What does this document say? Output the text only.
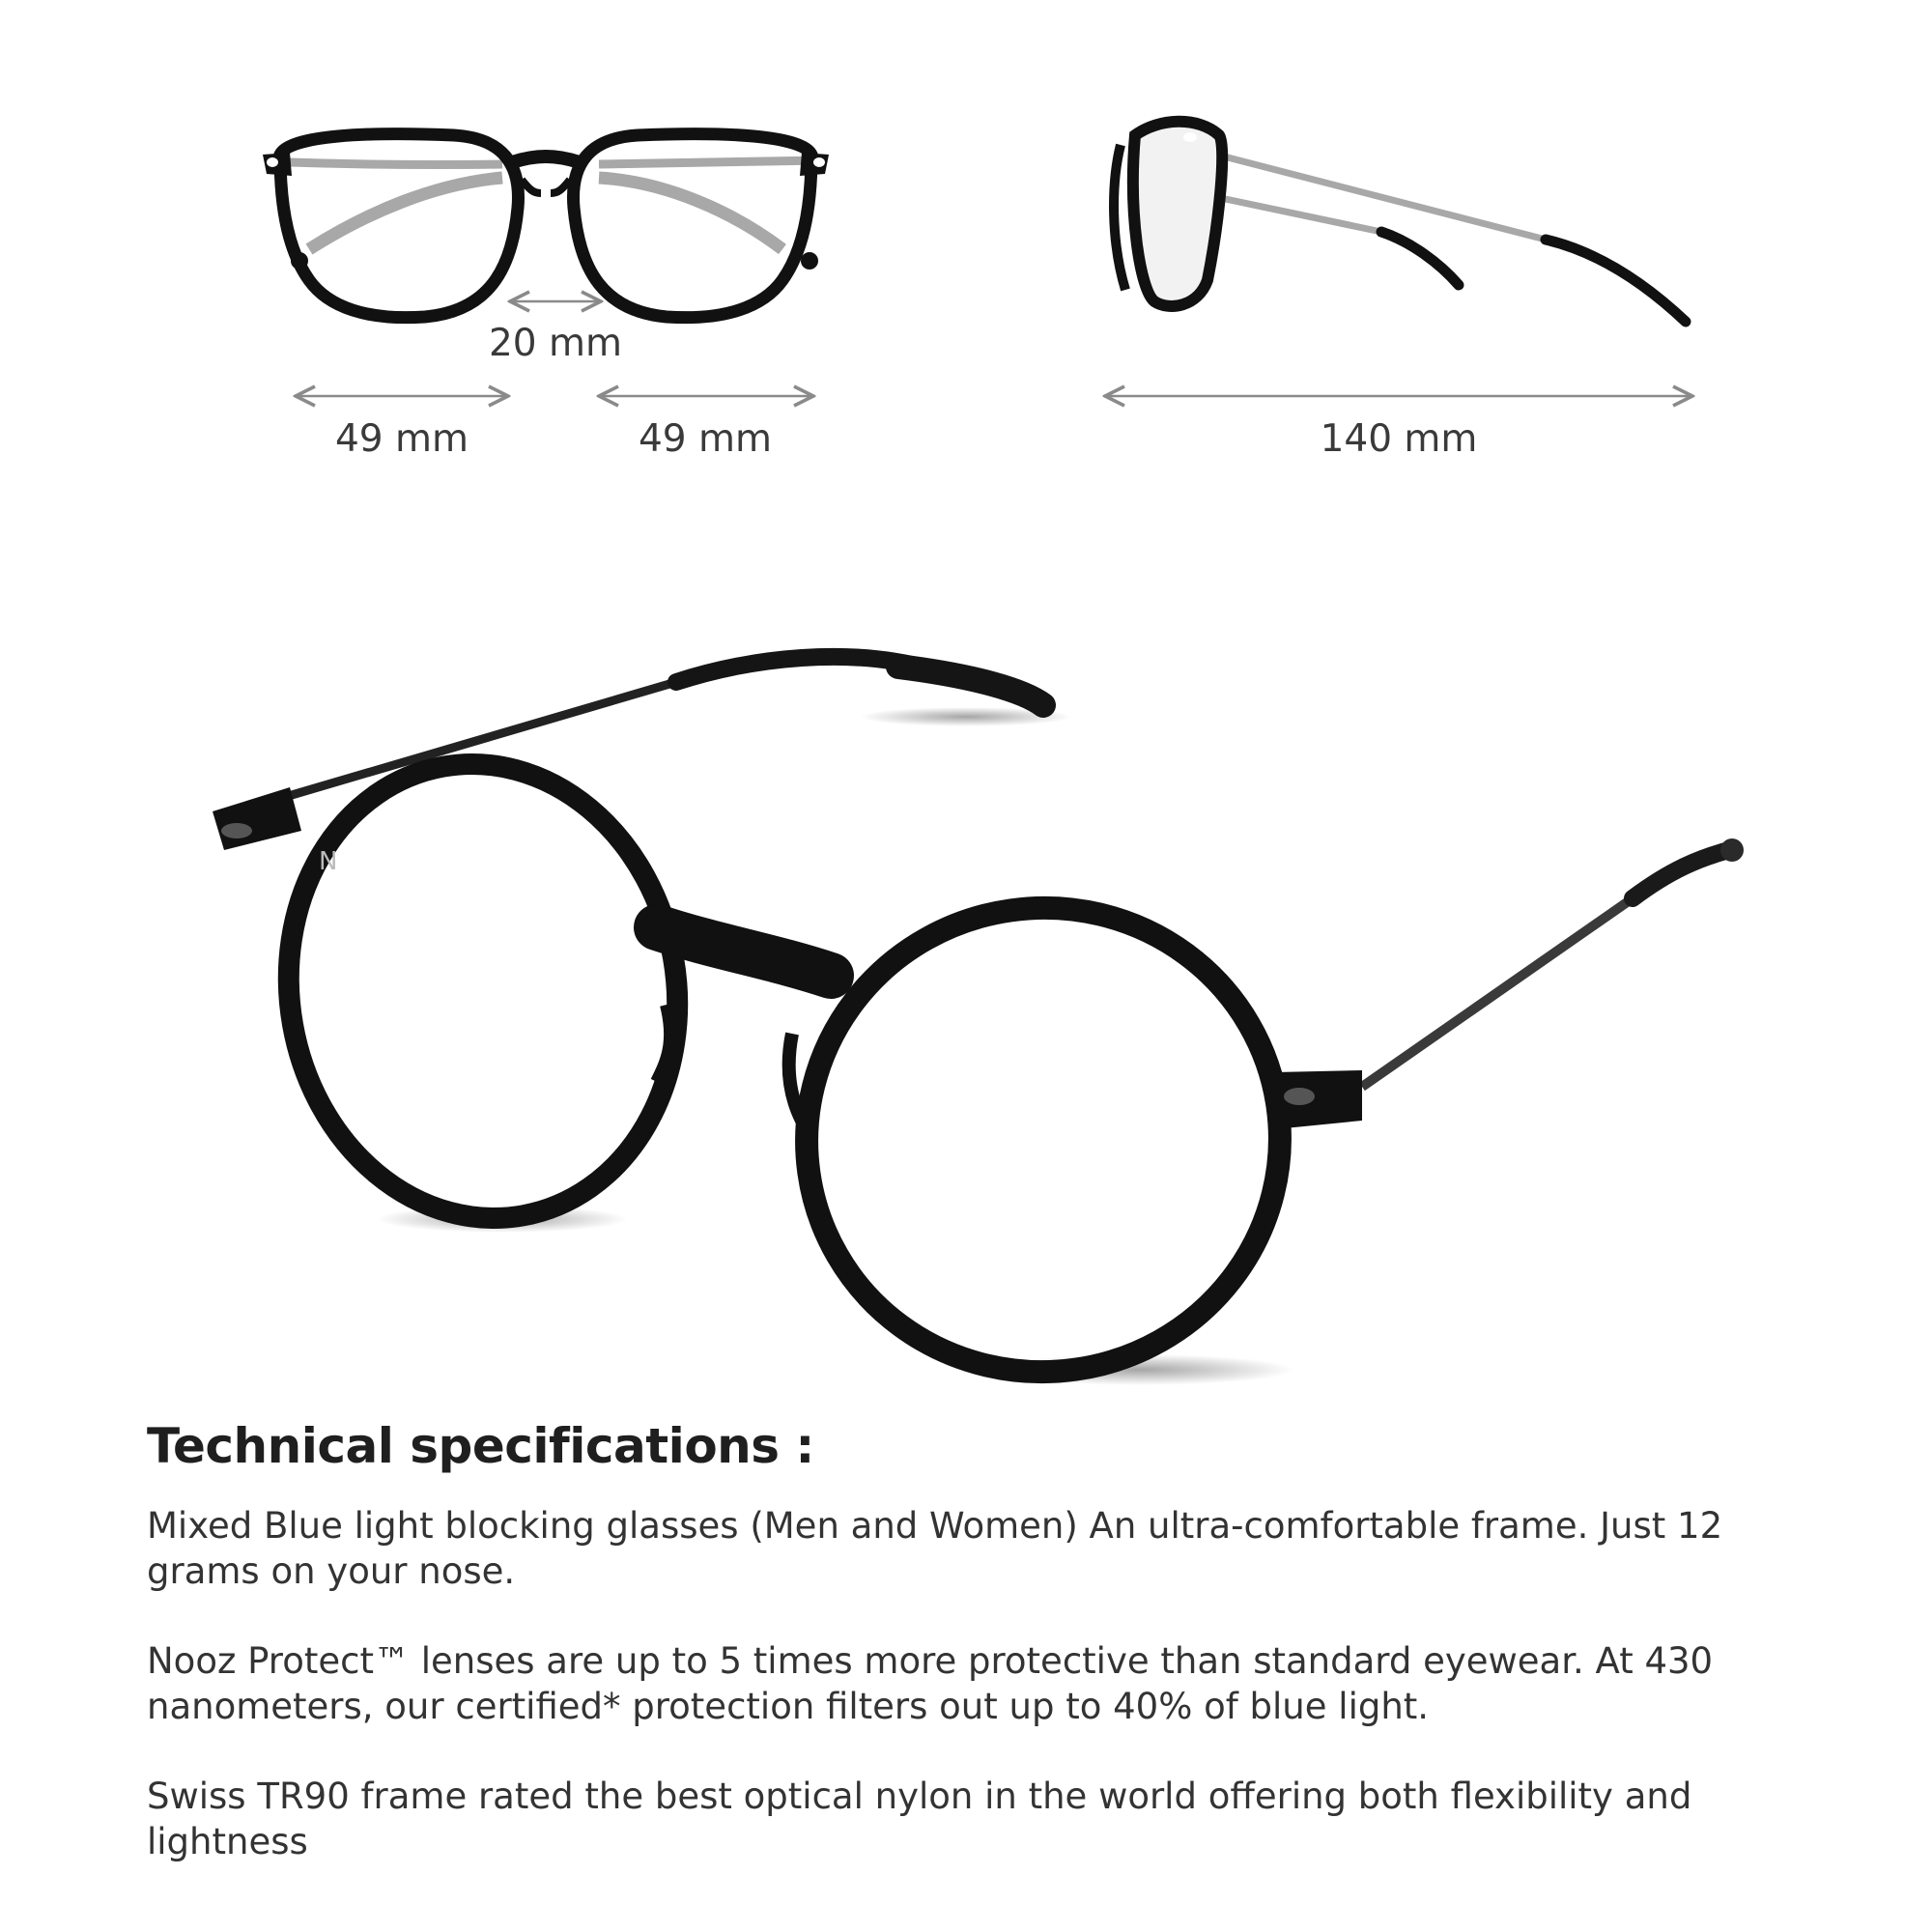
N
20 mm
49 mm	49 mm	140 mm
Technical specifications :

Mixed Blue light blocking glasses (Men and Women) An ultra-comfortable frame. Just 12 grams on your nose.

Nooz Protect™ lenses are up to 5 times more protective than standard eyewear. At 430 nanometers, our certified* protection filters out up to 40% of blue light.

Swiss TR90 frame rated the best optical nylon in the world offering both flexibility and lightness
